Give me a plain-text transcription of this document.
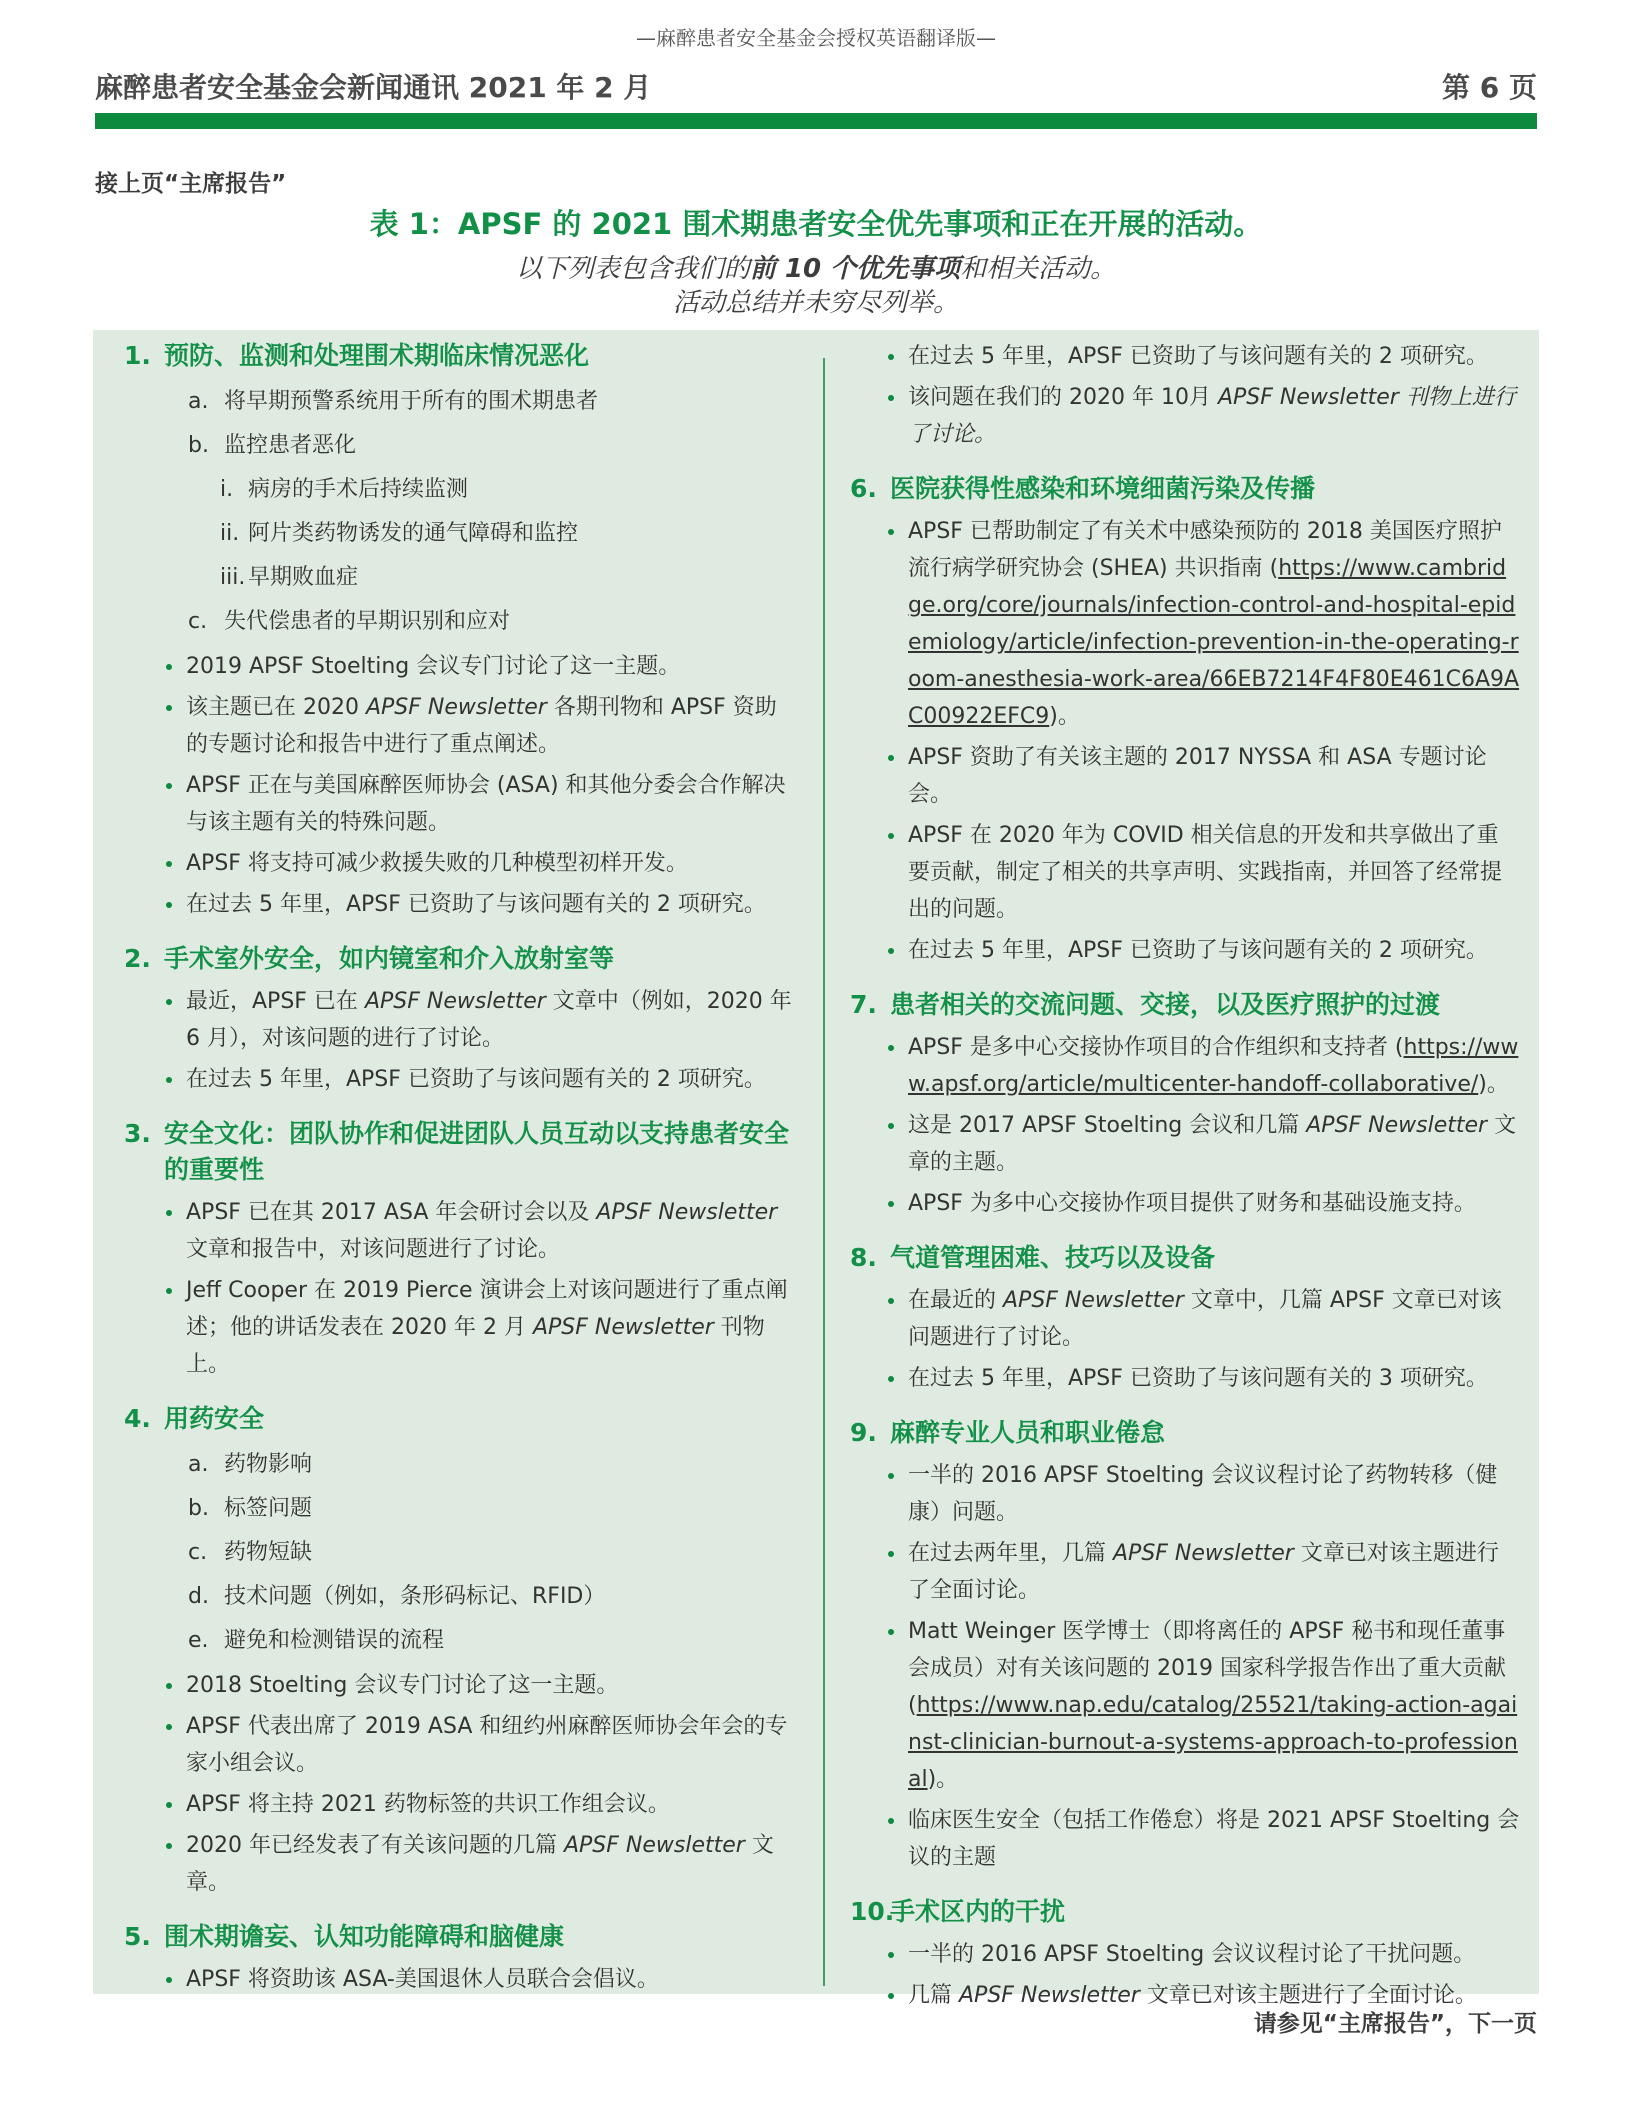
—麻醉患者安全基金会授权英语翻译版—
麻醉患者安全基金会新闻通讯 2021 年 2 月	第 6 页
接上页“主席报告”
表 1：APSF 的 2021 围术期患者安全优先事项和正在开展的活动。
以下列表包含我们的前 10 个优先事项和相关活动。
活动总结并未穷尽列举。
1. 预防、监测和处理围术期临床情况恶化
a. 将早期预警系统用于所有的围术期患者
b. 监控患者恶化
i. 病房的手术后持续监测
ii. 阿片类药物诱发的通气障碍和监控
iii. 早期败血症
c. 失代偿患者的早期识别和应对
2019 APSF Stoelting 会议专门讨论了这一主题。
该主题已在 2020 APSF Newsletter 各期刊物和 APSF 资助的专题讨论和报告中进行了重点阐述。
APSF 正在与美国麻醉医师协会 (ASA) 和其他分委会合作解决与该主题有关的特殊问题。
APSF 将支持可减少救援失败的几种模型初样开发。
在过去 5 年里，APSF 已资助了与该问题有关的 2 项研究。
2. 手术室外安全，如内镜室和介入放射室等
最近，APSF 已在 APSF Newsletter 文章中（例如，2020 年 6 月），对该问题的进行了讨论。
在过去 5 年里，APSF 已资助了与该问题有关的 2 项研究。
3. 安全文化：团队协作和促进团队人员互动以支持患者安全的重要性
APSF 已在其 2017 ASA 年会研讨会以及 APSF Newsletter 文章和报告中，对该问题进行了讨论。
Jeff Cooper 在 2019 Pierce 演讲会上对该问题进行了重点阐述；他的讲话发表在 2020 年 2 月 APSF Newsletter 刊物上。
4. 用药安全
a. 药物影响
b. 标签问题
c. 药物短缺
d. 技术问题（例如，条形码标记、RFID）
e. 避免和检测错误的流程
2018 Stoelting 会议专门讨论了这一主题。
APSF 代表出席了 2019 ASA 和纽约州麻醉医师协会年会的专家小组会议。
APSF 将主持 2021 药物标签的共识工作组会议。
2020 年已经发表了有关该问题的几篇 APSF Newsletter 文章。
5. 围术期谵妄、认知功能障碍和脑健康
APSF 将资助该 ASA-美国退休人员联合会倡议。
在过去 5 年里，APSF 已资助了与该问题有关的 2 项研究。
该问题在我们的 2020 年 10月 APSF Newsletter 刊物上进行了讨论。
6. 医院获得性感染和环境细菌污染及传播
APSF 已帮助制定了有关术中感染预防的 2018 美国医疗照护流行病学研究协会 (SHEA) 共识指南 (https://www.cambridge.org/core/journals/infection-control-and-hospital-epidemiology/article/infection-prevention-in-the-operating-room-anesthesia-work-area/66EB7214F4F80E461C6A9AC00922EFC9)。
APSF 资助了有关该主题的 2017 NYSSA 和 ASA 专题讨论会。
APSF 在 2020 年为 COVID 相关信息的开发和共享做出了重要贡献，制定了相关的共享声明、实践指南，并回答了经常提出的问题。
在过去 5 年里，APSF 已资助了与该问题有关的 2 项研究。
7. 患者相关的交流问题、交接，以及医疗照护的过渡
APSF 是多中心交接协作项目的合作组织和支持者 (https://www.apsf.org/article/multicenter-handoff-collaborative/)。
这是 2017 APSF Stoelting 会议和几篇 APSF Newsletter 文章的主题。
APSF 为多中心交接协作项目提供了财务和基础设施支持。
8. 气道管理困难、技巧以及设备
在最近的 APSF Newsletter 文章中，几篇 APSF 文章已对该问题进行了讨论。
在过去 5 年里，APSF 已资助了与该问题有关的 3 项研究。
9. 麻醉专业人员和职业倦怠
一半的 2016 APSF Stoelting 会议议程讨论了药物转移（健康）问题。
在过去两年里，几篇 APSF Newsletter 文章已对该主题进行了全面讨论。
Matt Weinger 医学博士（即将离任的 APSF 秘书和现任董事会成员）对有关该问题的 2019 国家科学报告作出了重大贡献 (https://www.nap.edu/catalog/25521/taking-action-against-clinician-burnout-a-systems-approach-to-professional)。
临床医生安全（包括工作倦怠）将是 2021 APSF Stoelting 会议的主题
10.
手术区内的干扰
一半的 2016 APSF Stoelting 会议议程讨论了干扰问题。
几篇 APSF Newsletter 文章已对该主题进行了全面讨论。
请参见“主席报告”，下一页
